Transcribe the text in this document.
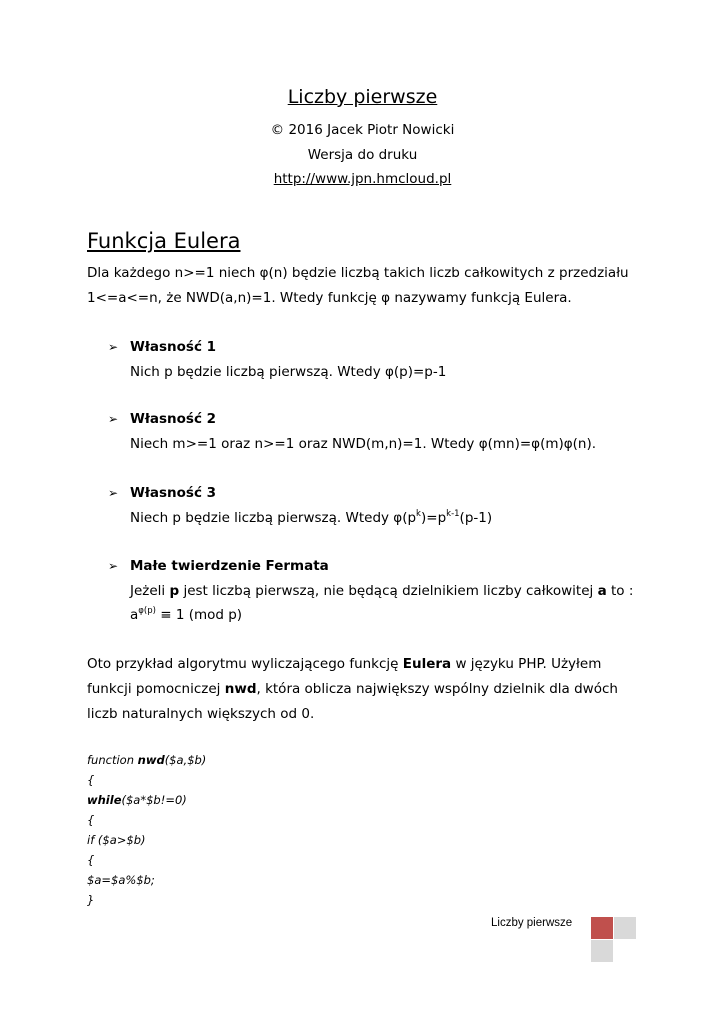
Liczby pierwsze
© 2016 Jacek Piotr Nowicki
Wersja do druku
http://www.jpn.hmcloud.pl
Funkcja Eulera
Dla każdego n>=1 niech φ(n) będzie liczbą takich liczb całkowitych z przedziału
1<=a<=n, że NWD(a,n)=1. Wtedy funkcję φ nazywamy funkcją Eulera.
➢ Własność 1
Nich p będzie liczbą pierwszą. Wtedy φ(p)=p-1
➢ Własność 2
Niech m>=1 oraz n>=1 oraz NWD(m,n)=1. Wtedy φ(mn)=φ(m)φ(n).
➢ Własność 3
Niech p będzie liczbą pierwszą. Wtedy $\varphi(p^k)=p^{k-1}(p-1)$
➢ Małe twierdzenie Fermata
Jeżeli p jest liczbą pierwszą, nie będącą dzielnikiem liczby całkowitej a to :
$a^{\varphi(p)} \equiv 1$ (mod p)
Oto przykład algorytmu wyliczającego funkcję Eulera w języku PHP. Użyłem
funkcji pomocniczej nwd, która oblicza największy wspólny dzielnik dla dwóch
liczb naturalnych większych od 0.
function nwd($a,$b)
{
while($a*$b!=0)
{
if ($a>$b)
{
$a=$a%$b;
}
Liczby pierwsze
